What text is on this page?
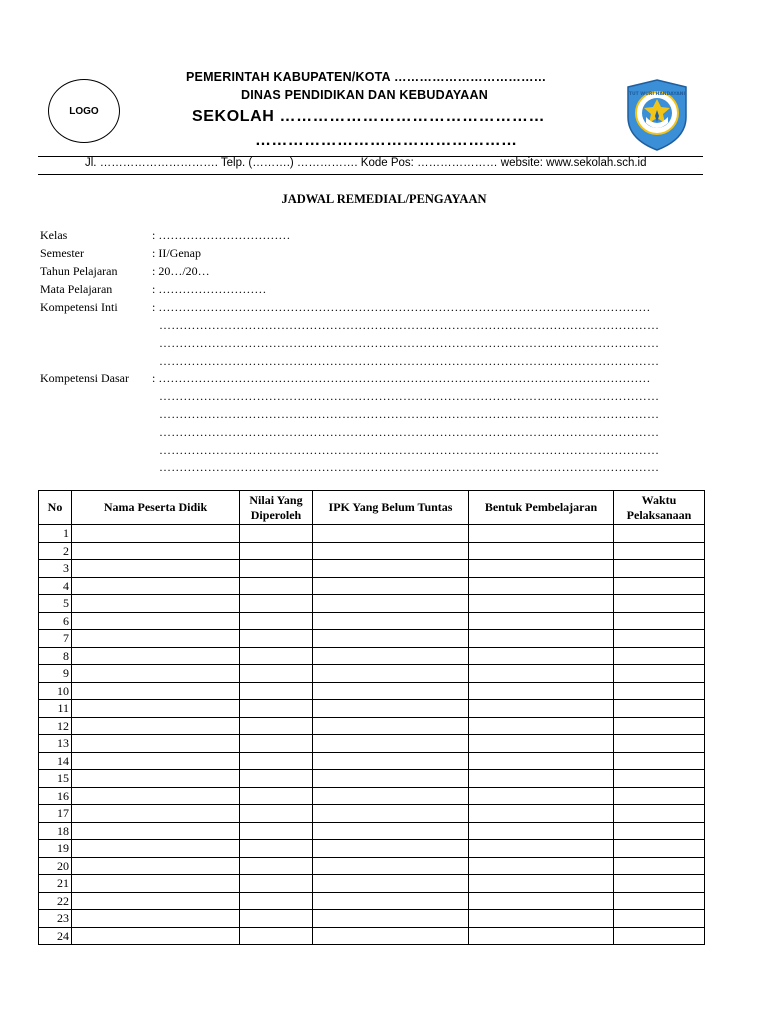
LOGO
PEMERINTAH KABUPATEN/KOTA ………………………………
DINAS PENDIDIKAN DAN KEBUDAYAAN
SEKOLAH …………………………………………
…………………………………………
TUT WURI HANDAYANI
Jl. …………………………. Telp. (……….) ……………. Kode Pos: ………………… website: www.sekolah.sch.id
JADWAL REMEDIAL/PENGAYAAN
Kelas	: ……………………………
Semester	: II/Genap
Tahun Pelajaran	: 20…/20…
Mata Pelajaran	: ………………………
Kompetensi Inti	: ……………………………………………………………………………………………………………
……………………………………………………………………………………………………………
……………………………………………………………………………………………………………
……………………………………………………………………………………………………………
Kompetensi Dasar : ……………………………………………………………………………………………………………
……………………………………………………………………………………………………………
……………………………………………………………………………………………………………
……………………………………………………………………………………………………………
……………………………………………………………………………………………………………
……………………………………………………………………………………………………………
No	Nama Peserta Didik	Nilai Yang Diperoleh	IPK Yang Belum Tuntas	Bentuk Pembelajaran	Waktu Pelaksanaan
1					
2					
3					
4					
5					
6					
7					
8					
9					
10					
11					
12					
13					
14					
15					
16					
17					
18					
19					
20					
21					
22					
23					
24					
